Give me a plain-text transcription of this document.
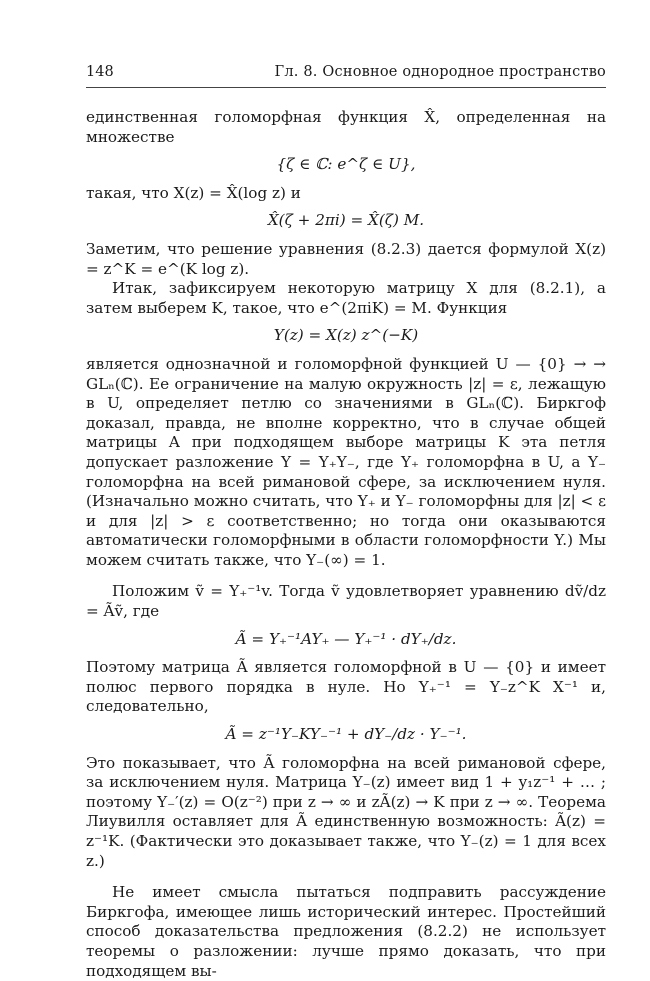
148	Гл. 8. Основное однородное пространство

единственная голоморфная функция X̂, определенная на множестве

{ζ ∈ ℂ: e^ζ ∈ U},

такая, что X(z) = X̂(log z) и

X̂(ζ + 2πi) = X̂(ζ) M.

Заметим, что решение уравнения (8.2.3) дается формулой X(z) = z^K = e^(K log z).

Итак, зафиксируем некоторую матрицу X для (8.2.1), а затем выберем K, такое, что e^(2πiK) = M. Функция

Y(z) = X(z) z^(−K)

является однозначной и голоморфной функцией U — {0} → → GLₙ(ℂ). Ее ограничение на малую окружность |z| = ε, лежащую в U, определяет петлю со значениями в GLₙ(ℂ). Биркгоф доказал, правда, не вполне корректно, что в случае общей матрицы A при подходящем выборе матрицы K эта петля допускает разложение Y = Y₊Y₋, где Y₊ голоморфна в U, а Y₋ голоморфна на всей римановой сфере, за исключением нуля. (Изначально можно считать, что Y₊ и Y₋ голоморфны для |z| < ε и для |z| > ε соответственно; но тогда они оказываются автоматически голоморфными в области голоморфности Y.) Мы можем считать также, что Y₋(∞) = 1.

Положим ṽ = Y₊⁻¹v. Тогда ṽ удовлетворяет уравнению dṽ/dz = Ãṽ, где

Ã = Y₊⁻¹AY₊ — Y₊⁻¹ · dY₊/dz.

Поэтому матрица Ã является голоморфной в U — {0} и имеет полюс первого порядка в нуле. Но Y₊⁻¹ = Y₋z^K X⁻¹ и, следовательно,

Ã = z⁻¹Y₋KY₋⁻¹ + dY₋/dz · Y₋⁻¹.

Это показывает, что Ã голоморфна на всей римановой сфере, за исключением нуля. Матрица Y₋(z) имеет вид 1 + y₁z⁻¹ + … ; поэтому Y₋′(z) = O(z⁻²) при z → ∞ и zÃ(z) → K при z → ∞. Теорема Лиувилля оставляет для Ã единственную возможность: Ã(z) = z⁻¹K. (Фактически это доказывает также, что Y₋(z) = 1 для всех z.)

Не имеет смысла пытаться подправить рассуждение Биркгофа, имеющее лишь исторический интерес. Простейший способ доказательства предложения (8.2.2) не использует теоремы о разложении: лучше прямо доказать, что при подходящем вы-
